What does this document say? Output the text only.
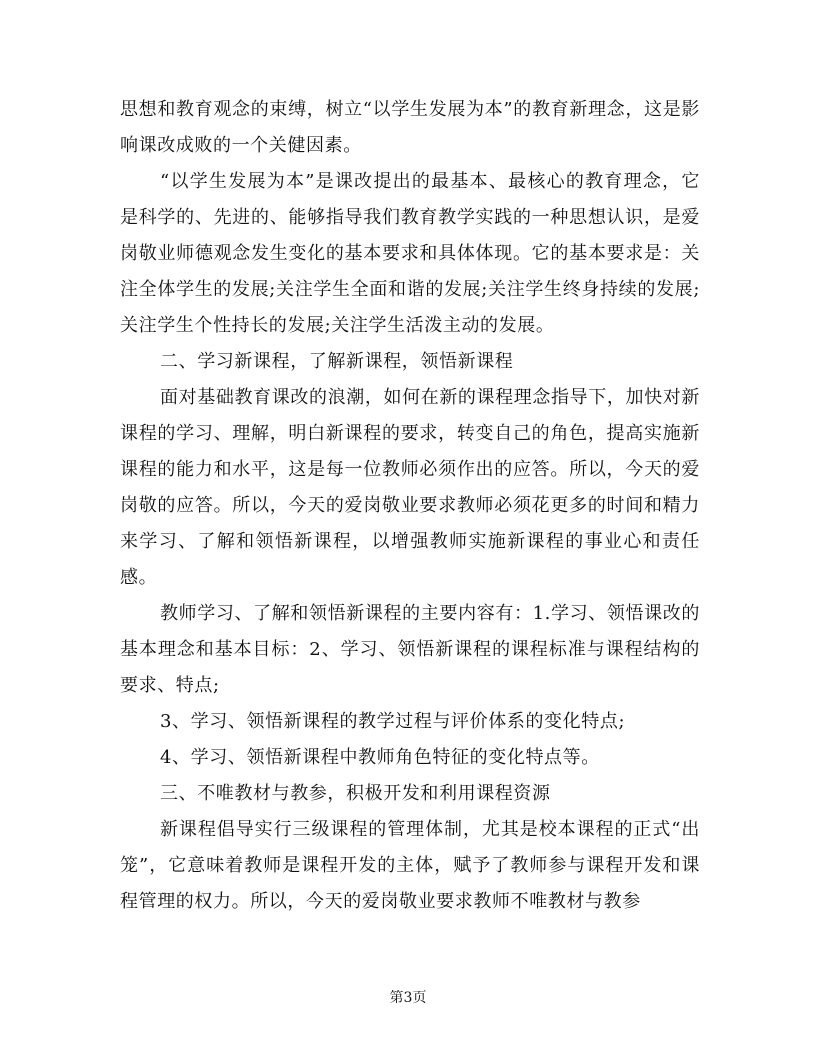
思想和教育观念的束缚，树立“以学生发展为本”的教育新理念，这是影响课改成败的一个关健因素。

“以学生发展为本”是课改提出的最基本、最核心的教育理念，它是科学的、先进的、能够指导我们教育教学实践的一种思想认识，是爱岗敬业师德观念发生变化的基本要求和具体体现。它的基本要求是：关注全体学生的发展;关注学生全面和谐的发展;关注学生终身持续的发展;关注学生个性持长的发展;关注学生活泼主动的发展。

二、学习新课程，了解新课程，领悟新课程

面对基础教育课改的浪潮，如何在新的课程理念指导下，加快对新课程的学习、理解，明白新课程的要求，转变自己的角色，提高实施新课程的能力和水平，这是每一位教师必须作出的应答。所以，今天的爱岗敬的应答。所以，今天的爱岗敬业要求教师必须花更多的时间和精力来学习、了解和领悟新课程，以增强教师实施新课程的事业心和责任感。

教师学习、了解和领悟新课程的主要内容有：1.学习、领悟课改的基本理念和基本目标：2、学习、领悟新课程的课程标准与课程结构的要求、特点;

3、学习、领悟新课程的教学过程与评价体系的变化特点;

4、学习、领悟新课程中教师角色特征的变化特点等。

三、不唯教材与教参，积极开发和利用课程资源

新课程倡导实行三级课程的管理体制，尤其是校本课程的正式“出笼”，它意味着教师是课程开发的主体，赋予了教师参与课程开发和课程管理的权力。所以，今天的爱岗敬业要求教师不唯教材与教参

第3页
